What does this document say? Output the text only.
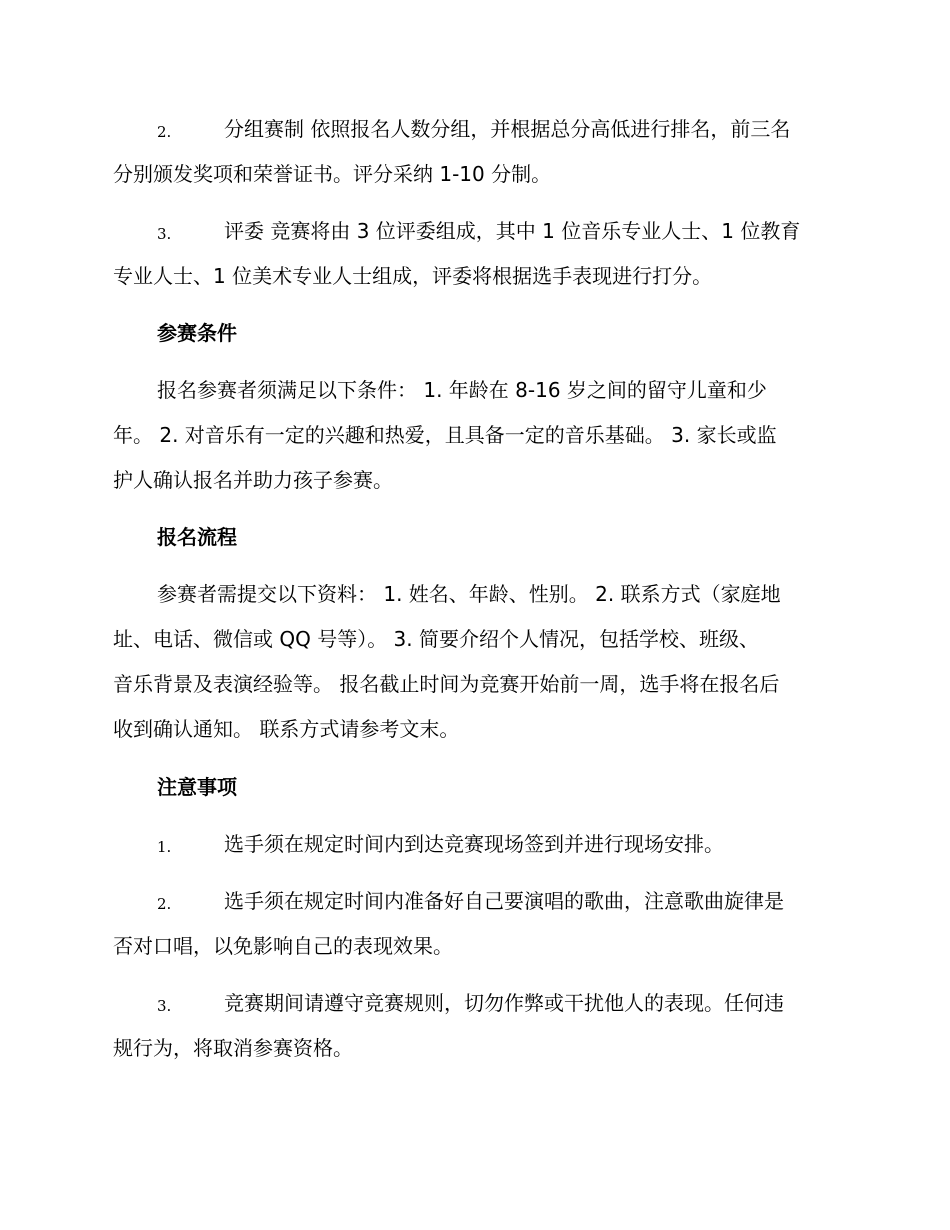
2.	分组赛制 依照报名人数分组，并根据总分高低进行排名，前三名
分别颁发奖项和荣誉证书。评分采纳 1-10 分制。
3.	评委 竞赛将由 3 位评委组成，其中 1 位音乐专业人士、1 位教育
专业人士、1 位美术专业人士组成，评委将根据选手表现进行打分。
参赛条件
报名参赛者须满足以下条件： 1. 年龄在 8-16 岁之间的留守儿童和少
年。 2. 对音乐有一定的兴趣和热爱，且具备一定的音乐基础。 3. 家长或监
护人确认报名并助力孩子参赛。
报名流程
参赛者需提交以下资料： 1. 姓名、年龄、性别。 2. 联系方式（家庭地
址、电话、微信或 QQ 号等）。 3. 简要介绍个人情况，包括学校、班级、
音乐背景及表演经验等。 报名截止时间为竞赛开始前一周，选手将在报名后
收到确认通知。 联系方式请参考文末。
注意事项
1.	选手须在规定时间内到达竞赛现场签到并进行现场安排。
2.	选手须在规定时间内准备好自己要演唱的歌曲，注意歌曲旋律是
否对口唱，以免影响自己的表现效果。
3.	竞赛期间请遵守竞赛规则，切勿作弊或干扰他人的表现。任何违
规行为，将取消参赛资格。
